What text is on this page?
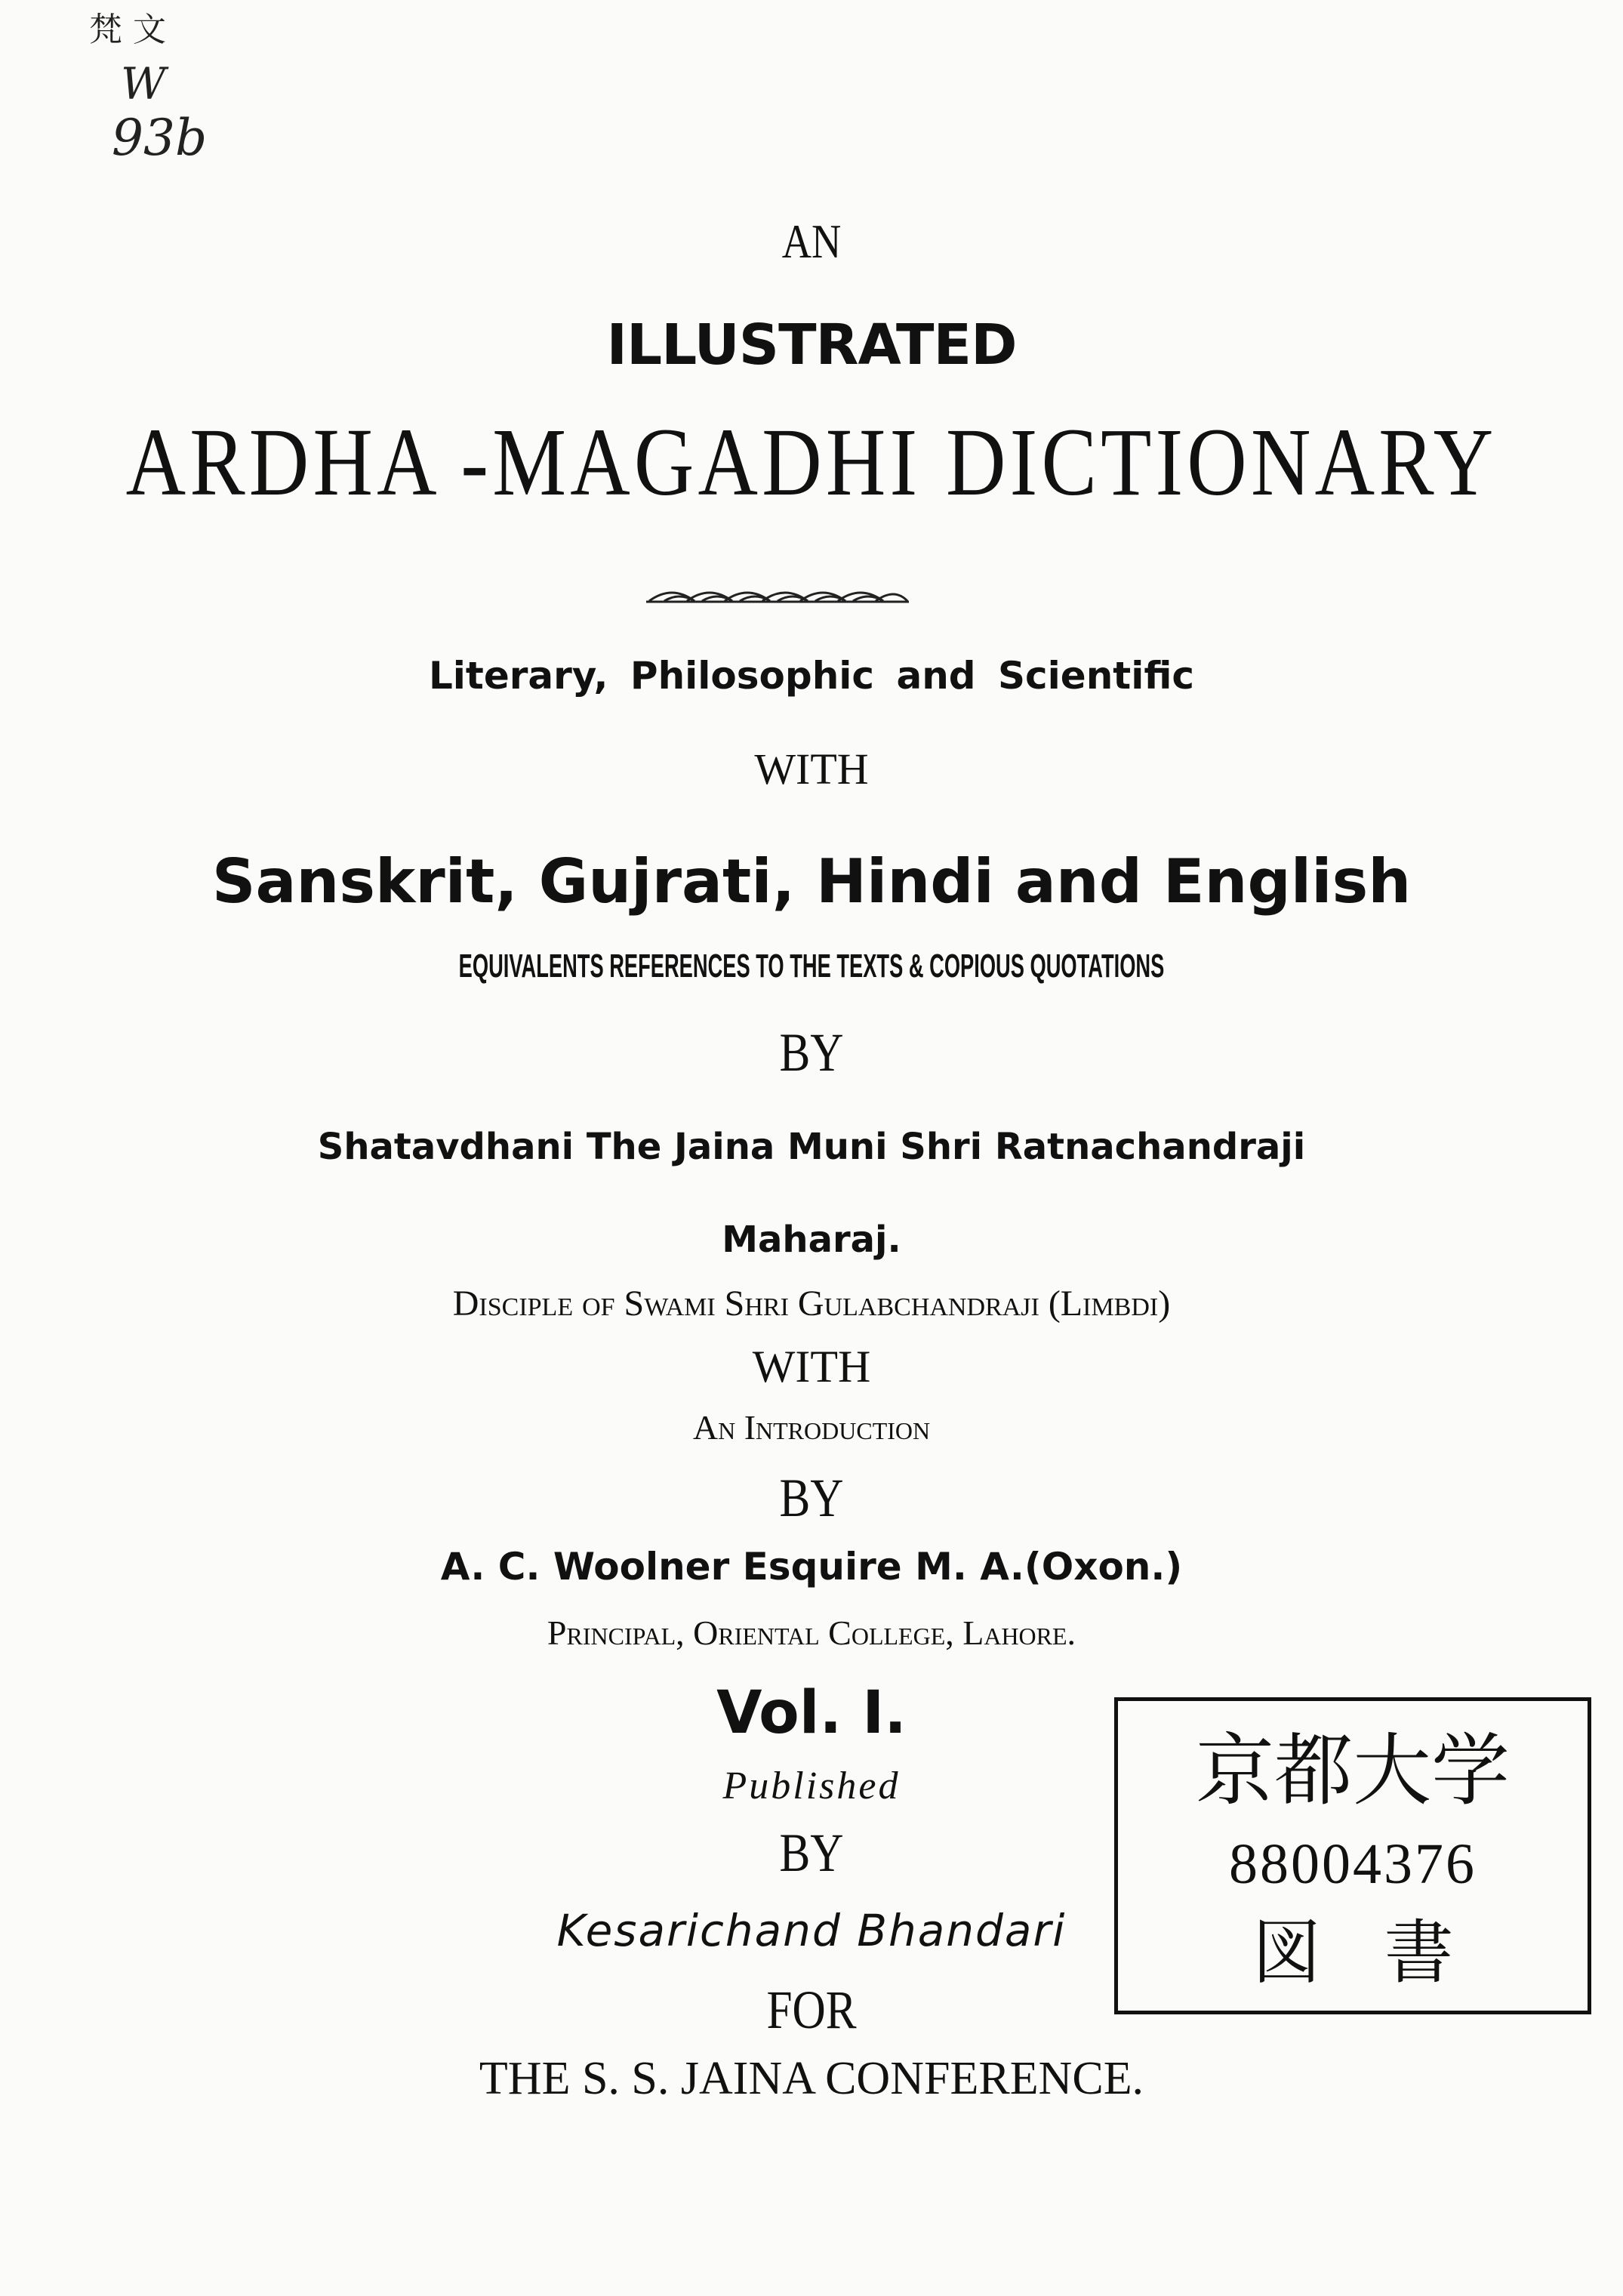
梵 文
W
93b
AN
ILLUSTRATED
ARDHA -MAGADHI DICTIONARY
Literary, Philosophic and Scientific
WITH
Sanskrit, Gujrati, Hindi and English
EQUIVALENTS REFERENCES TO THE TEXTS & COPIOUS QUOTATIONS
BY
Shatavdhani The Jaina Muni Shri Ratnachandraji
Maharaj.
Disciple of Swami Shri Gulabchandraji (Limbdi)
WITH
An Introduction
BY
A. C. Woolner Esquire M. A.(Oxon.)
Principal, Oriental College, Lahore.
Vol. I.
Published
BY
Kesarichand Bhandari
FOR
THE S. S. JAINA CONFERENCE.
京都大学
88004376
図 書
